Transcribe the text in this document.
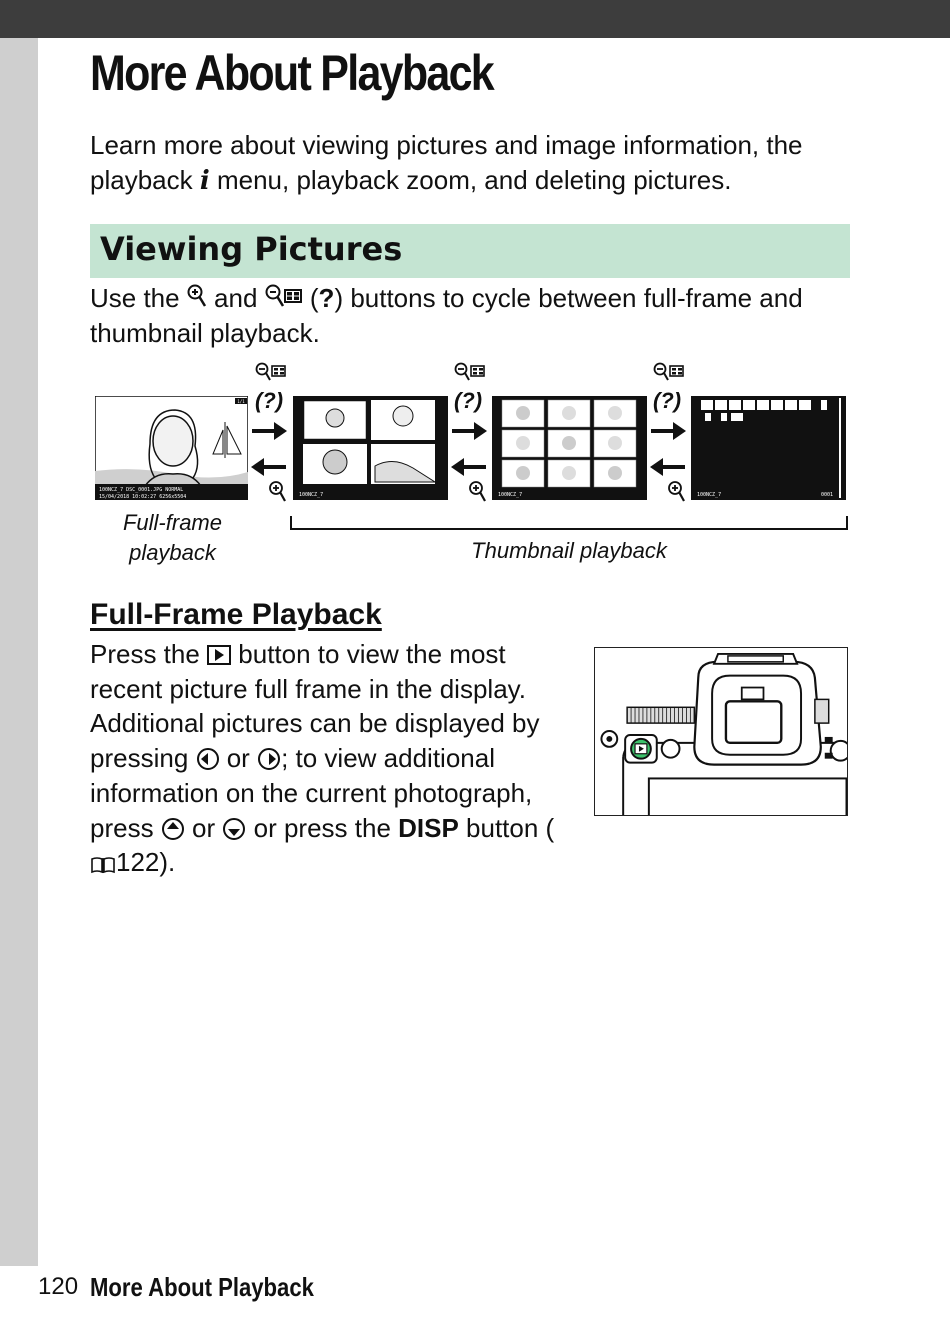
More About Playback

Learn more about viewing pictures and image information, the playback i menu, playback zoom, and deleting pictures.

Viewing Pictures

Use the  and  (?) buttons to cycle between full-frame and thumbnail playback.

1/1
100NCZ_7 DSC_0001.JPG NORMAL
15/04/2018 10:02:27 6256x5504	100NCZ_7	100NCZ_7	100NCZ_7	0001
(?)	(?)	(?)

Full-frame
playback	Thumbnail playback

Full-Frame Playback

Press the  button to view the most recent picture full frame in the display. Additional pictures can be displayed by pressing  or ; to view additional information on the current photograph, press  or  or press the DISP button (122).

120 More About Playback
